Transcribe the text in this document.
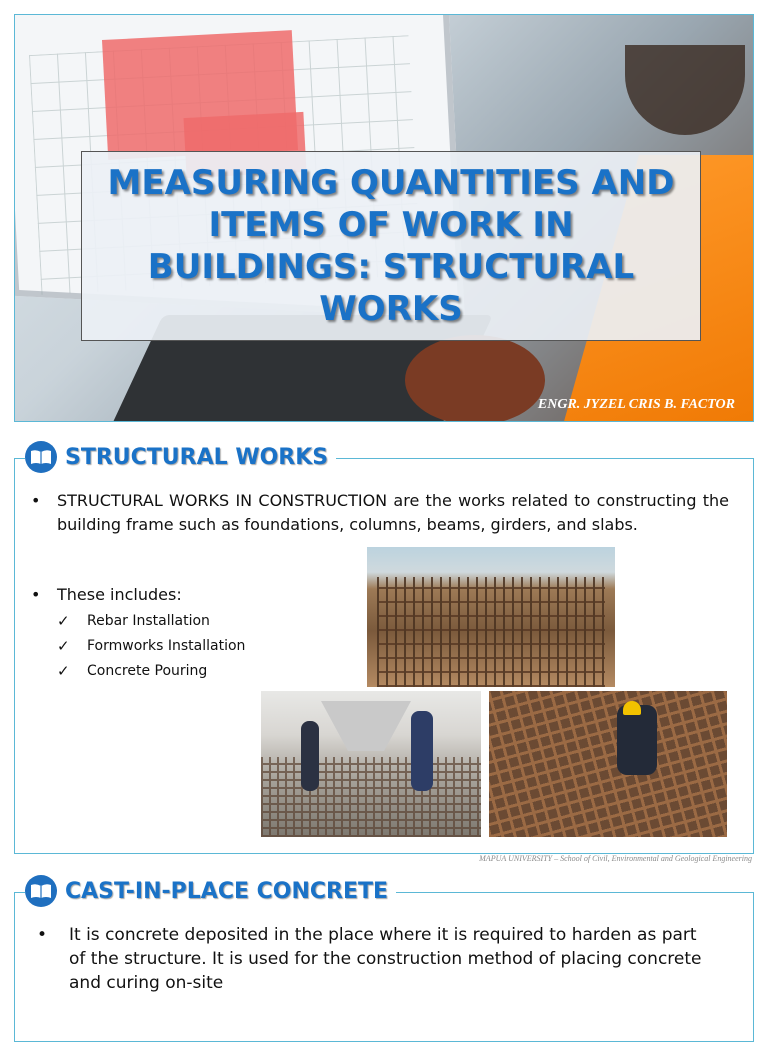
MEASURING QUANTITIES AND ITEMS OF WORK IN BUILDINGS: STRUCTURAL WORKS
ENGR. JYZEL CRIS B. FACTOR
STRUCTURAL WORKS
• STRUCTURAL WORKS IN CONSTRUCTION are the works related to constructing the building frame such as foundations, columns, beams, girders, and slabs.
• These includes:
✓ Rebar Installation
✓ Formworks Installation
✓ Concrete Pouring
MAPUA UNIVERSITY – School of Civil, Environmental and Geological Engineering
CAST-IN-PLACE CONCRETE
• It is concrete deposited in the place where it is required to harden as part of the structure. It is used for the construction method of placing concrete and curing on-site
